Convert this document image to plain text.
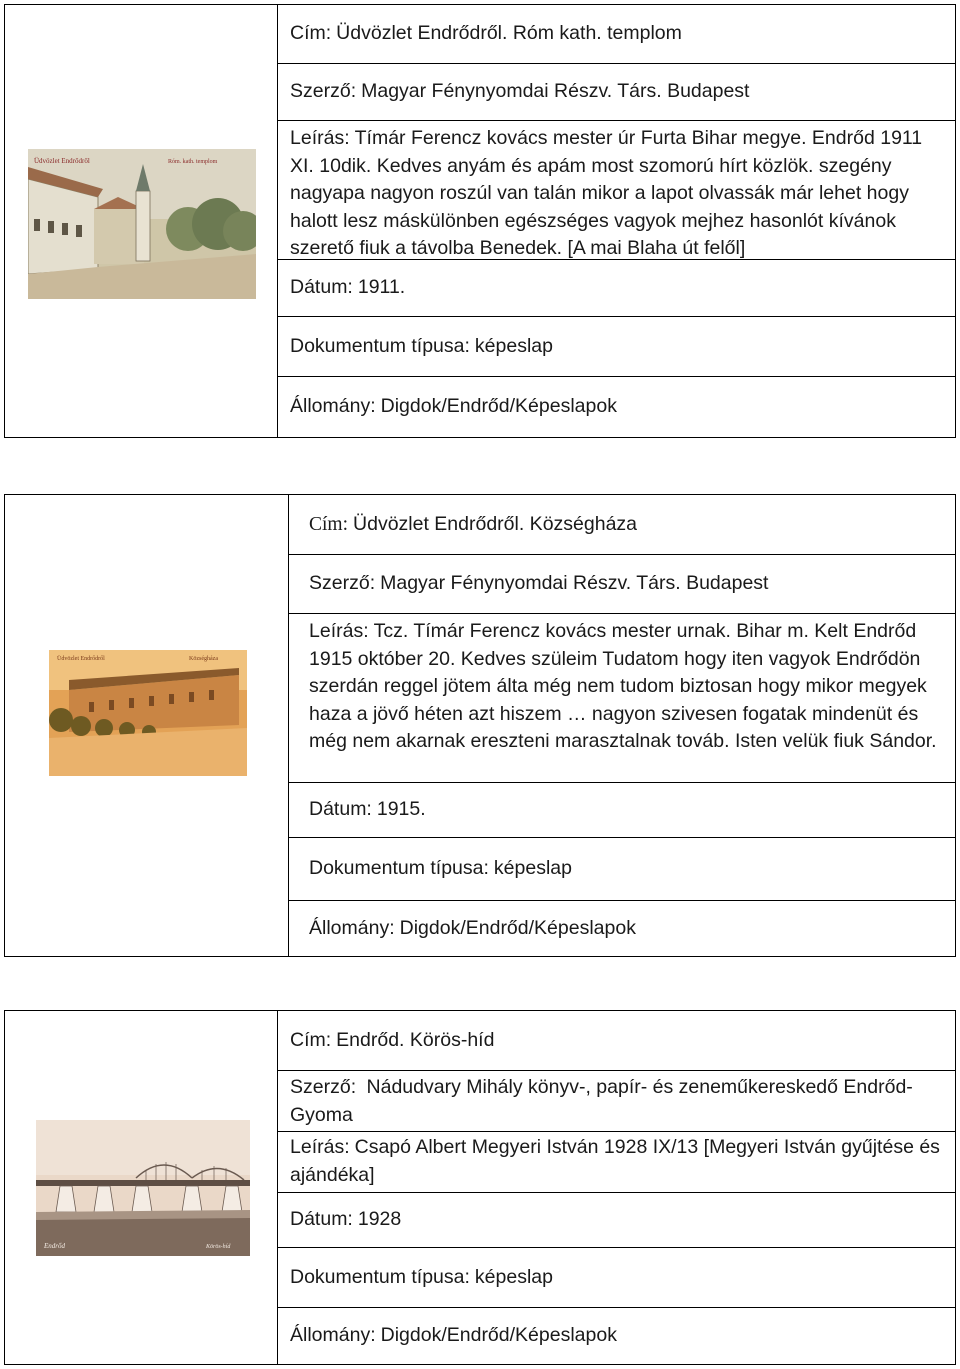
Üdvözlet Endrődről	Róm. kath. templom
Cím: Üdvözlet Endrődről. Róm kath. templom
Szerző: Magyar Fénynyomdai Részv. Társ. Budapest
Leírás: Tímár Ferencz kovács mester úr Furta Bihar megye. Endrőd 1911 XI. 10dik. Kedves anyám és apám most szomorú hírt közlök. szegény nagyapa nagyon roszúl van talán mikor a lapot olvassák már lehet hogy halott lesz máskülönben egészséges vagyok mejhez hasonlót kívánok szerető fiuk a távolba Benedek. [A mai Blaha út felől]
Dátum: 1911.
Dokumentum típusa: képeslap
Állomány: Digdok/Endrőd/Képeslapok
Üdvözlet Endrődről	Községháza
Cím: Üdvözlet Endrődről. Községháza
Szerző: Magyar Fénynyomdai Részv. Társ. Budapest
Leírás: Tcz. Tímár Ferencz kovács mester urnak. Bihar m. Kelt Endrőd 1915 október 20. Kedves szüleim Tudatom hogy iten vagyok Endrődön szerdán reggel jötem álta még nem tudom biztosan hogy mikor megyek haza a jövő héten azt hiszem … nagyon szivesen fogatak mindenüt és még nem akarnak ereszteni marasztalnak továb. Isten velük fiuk Sándor.
Dátum: 1915.
Dokumentum típusa: képeslap
Állomány: Digdok/Endrőd/Képeslapok
Endrőd	Körös-híd
Cím: Endrőd. Körös-híd
Szerző: Nádudvary Mihály könyv-, papír- és zeneműkereskedő Endrőd-Gyoma
Leírás: Csapó Albert Megyeri István 1928 IX/13 [Megyeri István gyűjtése és ajándéka]
Dátum: 1928
Dokumentum típusa: képeslap
Állomány: Digdok/Endrőd/Képeslapok
